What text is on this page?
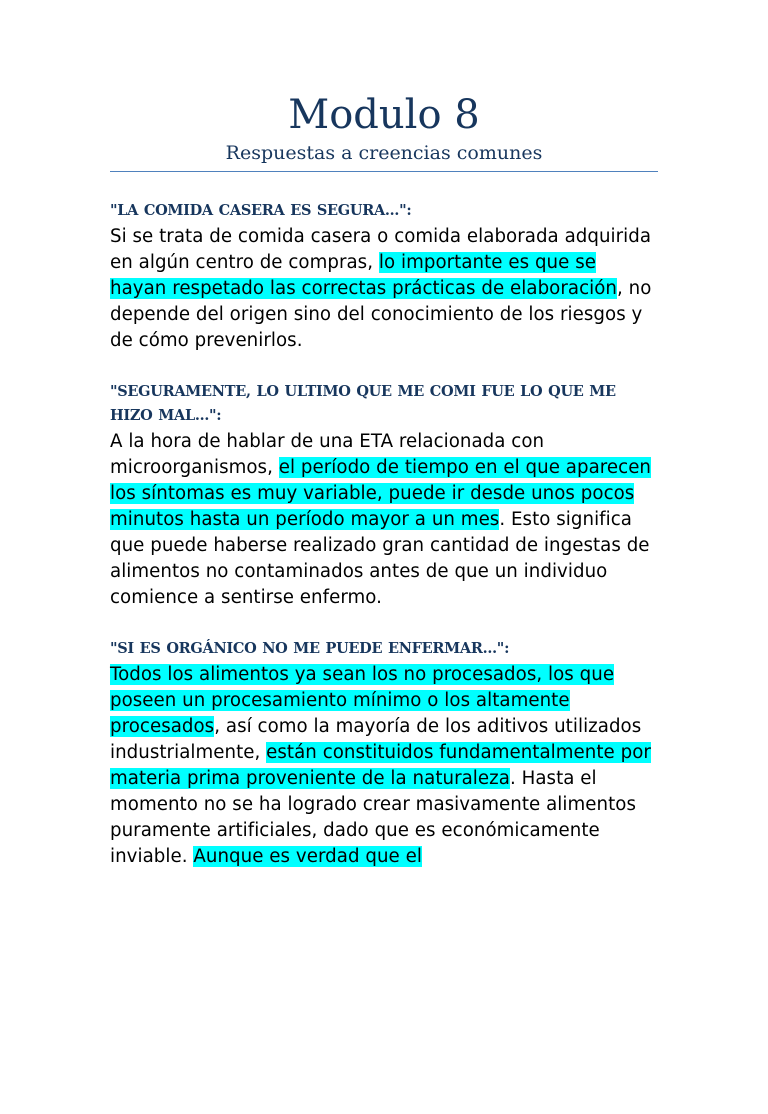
Modulo 8

Respuestas a creencias comunes

"LA COMIDA CASERA ES SEGURA…":

Si se trata de comida casera o comida elaborada adquirida en algún centro de compras, lo importante es que se hayan respetado las correctas prácticas de elaboración, no depende del origen sino del conocimiento de los riesgos y de cómo prevenirlos.

"SEGURAMENTE, LO ULTIMO QUE ME COMI FUE LO QUE ME HIZO MAL…":

A la hora de hablar de una ETA relacionada con microorganismos, el período de tiempo en el que aparecen los síntomas es muy variable, puede ir desde unos pocos minutos hasta un período mayor a un mes. Esto significa que puede haberse realizado gran cantidad de ingestas de alimentos no contaminados antes de que un individuo comience a sentirse enfermo.

"SI ES ORGÁNICO NO ME PUEDE ENFERMAR…":

Todos los alimentos ya sean los no procesados, los que poseen un procesamiento mínimo o los altamente procesados, así como la mayoría de los aditivos utilizados industrialmente, están constituidos fundamentalmente por materia prima proveniente de la naturaleza. Hasta el momento no se ha logrado crear masivamente alimentos puramente artificiales, dado que es económicamente inviable. Aunque es verdad que el
